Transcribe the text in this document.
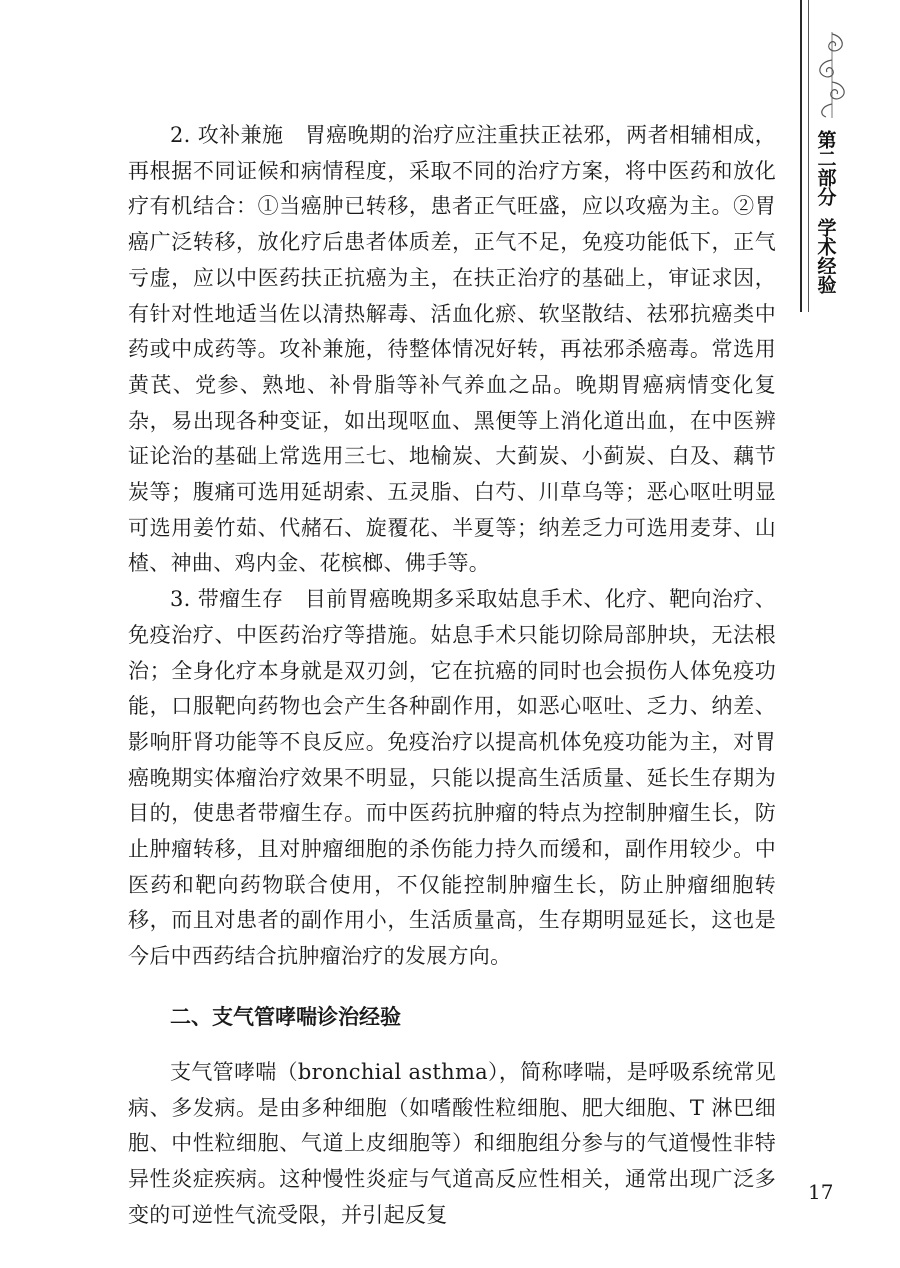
第二部分
学术经验

2. 攻补兼施　胃癌晚期的治疗应注重扶正祛邪，两者相辅相成，再根据不同证候和病情程度，采取不同的治疗方案，将中医药和放化疗有机结合：①当癌肿已转移，患者正气旺盛，应以攻癌为主。②胃癌广泛转移，放化疗后患者体质差，正气不足，免疫功能低下，正气亏虚，应以中医药扶正抗癌为主，在扶正治疗的基础上，审证求因，有针对性地适当佐以清热解毒、活血化瘀、软坚散结、祛邪抗癌类中药或中成药等。攻补兼施，待整体情况好转，再祛邪杀癌毒。常选用黄芪、党参、熟地、补骨脂等补气养血之品。晚期胃癌病情变化复杂，易出现各种变证，如出现呕血、黑便等上消化道出血，在中医辨证论治的基础上常选用三七、地榆炭、大蓟炭、小蓟炭、白及、藕节炭等；腹痛可选用延胡索、五灵脂、白芍、川草乌等；恶心呕吐明显可选用姜竹茹、代赭石、旋覆花、半夏等；纳差乏力可选用麦芽、山楂、神曲、鸡内金、花槟榔、佛手等。

3. 带瘤生存　目前胃癌晚期多采取姑息手术、化疗、靶向治疗、免疫治疗、中医药治疗等措施。姑息手术只能切除局部肿块，无法根治；全身化疗本身就是双刃剑，它在抗癌的同时也会损伤人体免疫功能，口服靶向药物也会产生各种副作用，如恶心呕吐、乏力、纳差、影响肝肾功能等不良反应。免疫治疗以提高机体免疫功能为主，对胃癌晚期实体瘤治疗效果不明显，只能以提高生活质量、延长生存期为目的，使患者带瘤生存。而中医药抗肿瘤的特点为控制肿瘤生长，防止肿瘤转移，且对肿瘤细胞的杀伤能力持久而缓和，副作用较少。中医药和靶向药物联合使用，不仅能控制肿瘤生长，防止肿瘤细胞转移，而且对患者的副作用小，生活质量高，生存期明显延长，这也是今后中西药结合抗肿瘤治疗的发展方向。

二、支气管哮喘诊治经验

支气管哮喘（bronchial asthma），简称哮喘，是呼吸系统常见病、多发病。是由多种细胞（如嗜酸性粒细胞、肥大细胞、T 淋巴细胞、中性粒细胞、气道上皮细胞等）和细胞组分参与的气道慢性非特异性炎症疾病。这种慢性炎症与气道高反应性相关，通常出现广泛多变的可逆性气流受限，并引起反复

17
